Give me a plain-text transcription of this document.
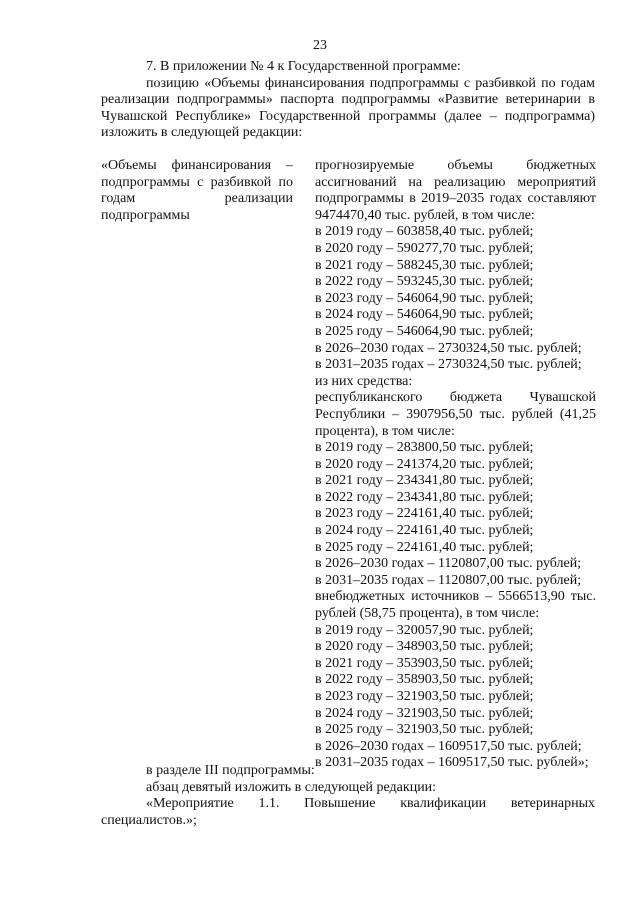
23

7. В приложении № 4 к Государственной программе:

позицию «Объемы финансирования подпрограммы с разбивкой по годам реализации подпрограммы» паспорта подпрограммы «Развитие ветеринарии в Чувашской Республике» Государственной программы (далее – подпрограмма) изложить в следующей редакции:

«Объемы финансирования – подпрограммы с разбивкой по годам реализации подпрограммы
прогнозируемые объемы бюджетных ассигнований на реализацию мероприятий подпрограммы в 2019–2035 годах составляют 9474470,40 тыс. рублей, в том числе:
в 2019 году – 603858,40 тыс. рублей;
в 2020 году – 590277,70 тыс. рублей;
в 2021 году – 588245,30 тыс. рублей;
в 2022 году – 593245,30 тыс. рублей;
в 2023 году – 546064,90 тыс. рублей;
в 2024 году – 546064,90 тыс. рублей;
в 2025 году – 546064,90 тыс. рублей;
в 2026–2030 годах – 2730324,50 тыс. рублей;
в 2031–2035 годах – 2730324,50 тыс. рублей;
из них средства:
республиканского бюджета Чувашской Республики – 3907956,50 тыс. рублей (41,25 процента), в том числе:
в 2019 году – 283800,50 тыс. рублей;
в 2020 году – 241374,20 тыс. рублей;
в 2021 году – 234341,80 тыс. рублей;
в 2022 году – 234341,80 тыс. рублей;
в 2023 году – 224161,40 тыс. рублей;
в 2024 году – 224161,40 тыс. рублей;
в 2025 году – 224161,40 тыс. рублей;
в 2026–2030 годах – 1120807,00 тыс. рублей;
в 2031–2035 годах – 1120807,00 тыс. рублей;
внебюджетных источников – 5566513,90 тыс. рублей (58,75 процента), в том числе:
в 2019 году – 320057,90 тыс. рублей;
в 2020 году – 348903,50 тыс. рублей;
в 2021 году – 353903,50 тыс. рублей;
в 2022 году – 358903,50 тыс. рублей;
в 2023 году – 321903,50 тыс. рублей;
в 2024 году – 321903,50 тыс. рублей;
в 2025 году – 321903,50 тыс. рублей;
в 2026–2030 годах – 1609517,50 тыс. рублей;
в 2031–2035 годах – 1609517,50 тыс. рублей»;

в разделе III подпрограммы:

абзац девятый изложить в следующей редакции:

«Мероприятие 1.1. Повышение квалификации ветеринарных специалистов.»;
